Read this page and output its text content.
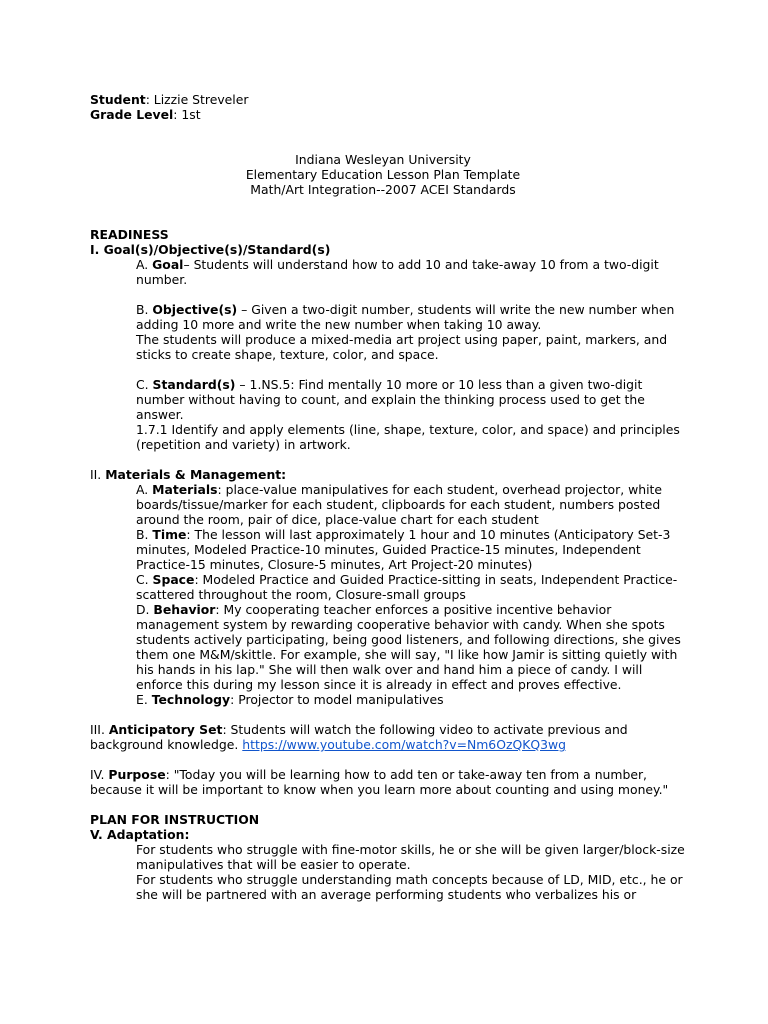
Student: Lizzie Streveler

Grade Level: 1st

Indiana Wesleyan University

Elementary Education Lesson Plan Template

Math/Art Integration--2007 ACEI Standards

READINESS

I. Goal(s)/Objective(s)/Standard(s)

A. Goal– Students will understand how to add 10 and take-away 10 from a two-digit number.

B. Objective(s) – Given a two-digit number, students will write the new number when adding 10 more and write the new number when taking 10 away.

The students will produce a mixed-media art project using paper, paint, markers, and sticks to create shape, texture, color, and space.

C. Standard(s) – 1.NS.5: Find mentally 10 more or 10 less than a given two-digit number without having to count, and explain the thinking process used to get the answer.

1.7.1 Identify and apply elements (line, shape, texture, color, and space) and principles (repetition and variety) in artwork.

II. Materials & Management:

A. Materials: place-value manipulatives for each student, overhead projector, white boards/tissue/marker for each student, clipboards for each student, numbers posted around the room, pair of dice, place-value chart for each student

B. Time: The lesson will last approximately 1 hour and 10 minutes (Anticipatory Set-3 minutes, Modeled Practice-10 minutes, Guided Practice-15 minutes, Independent Practice-15 minutes, Closure-5 minutes, Art Project-20 minutes)

C. Space: Modeled Practice and Guided Practice-sitting in seats, Independent Practice-scattered throughout the room, Closure-small groups

D. Behavior: My cooperating teacher enforces a positive incentive behavior management system by rewarding cooperative behavior with candy. When she spots students actively participating, being good listeners, and following directions, she gives them one M&M/skittle. For example, she will say, "I like how Jamir is sitting quietly with his hands in his lap." She will then walk over and hand him a piece of candy. I will enforce this during my lesson since it is already in effect and proves effective.

E. Technology: Projector to model manipulatives

III. Anticipatory Set: Students will watch the following video to activate previous and background knowledge. https://www.youtube.com/watch?v=Nm6OzQKQ3wg

IV. Purpose: "Today you will be learning how to add ten or take-away ten from a number, because it will be important to know when you learn more about counting and using money."

PLAN FOR INSTRUCTION

V. Adaptation:

For students who struggle with fine-motor skills, he or she will be given larger/block-size manipulatives that will be easier to operate.

For students who struggle understanding math concepts because of LD, MID, etc., he or she will be partnered with an average performing students who verbalizes his or
